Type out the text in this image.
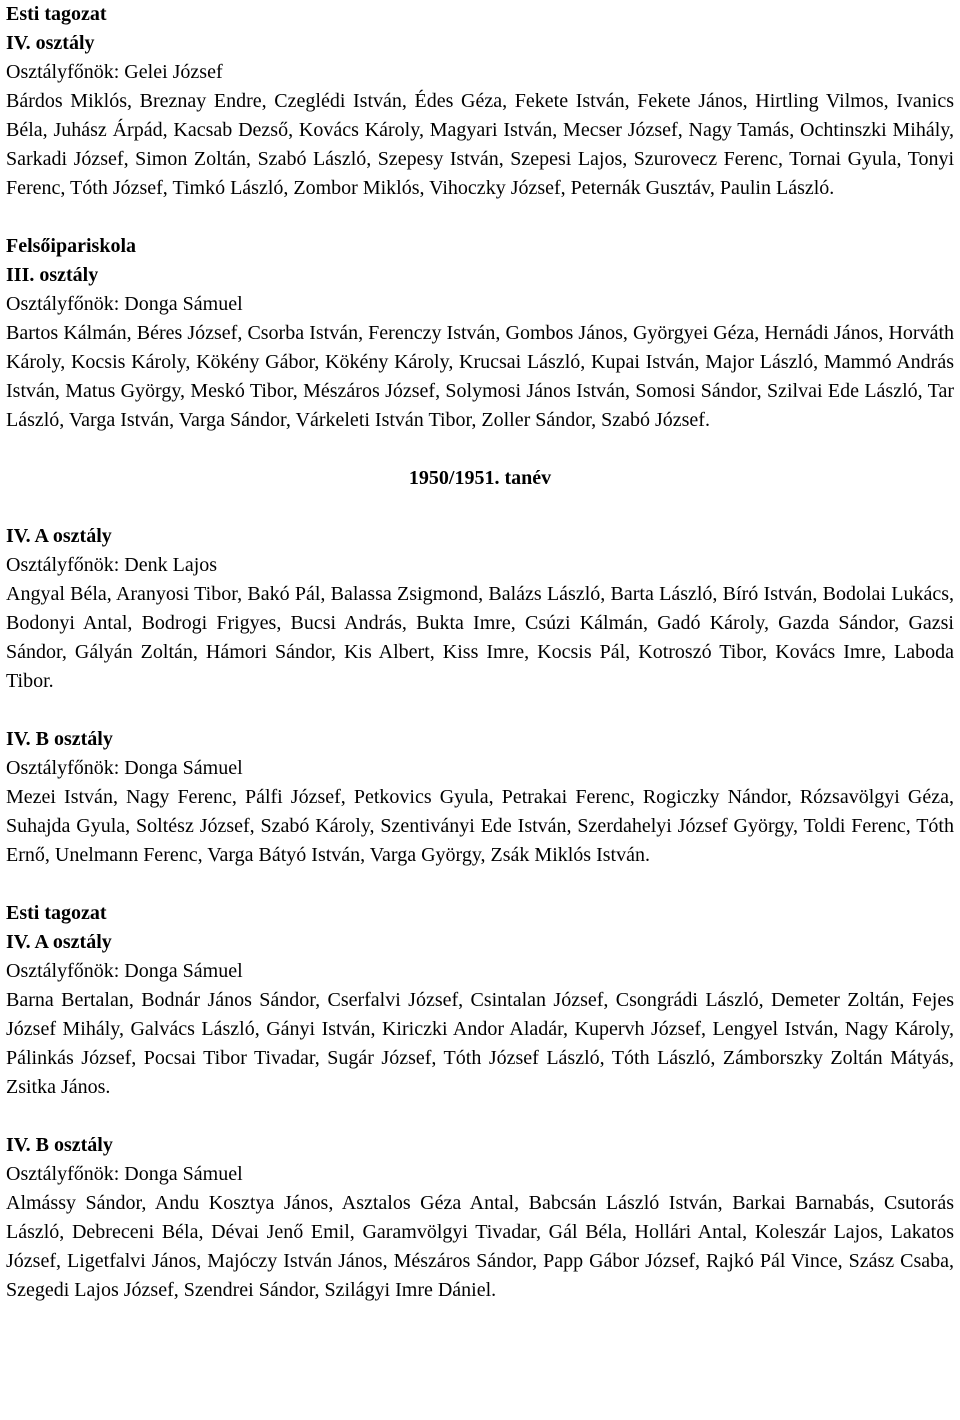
Esti tagozat

IV. osztály

Osztályfőnök: Gelei József

Bárdos Miklós, Breznay Endre, Czeglédi István, Édes Géza, Fekete István, Fekete János, Hirtling Vilmos, Ivanics Béla, Juhász Árpád, Kacsab Dezső, Kovács Károly, Magyari István, Mecser József, Nagy Tamás, Ochtinszki Mihály, Sarkadi József, Simon Zoltán, Szabó László, Szepesy István, Szepesi Lajos, Szurovecz Ferenc, Tornai Gyula, Tonyi Ferenc, Tóth József, Timkó László, Zombor Miklós, Vihoczky József, Peternák Gusztáv, Paulin László.

Felsőipariskola

III. osztály

Osztályfőnök: Donga Sámuel

Bartos Kálmán, Béres József, Csorba István, Ferenczy István, Gombos János, Györgyei Géza, Hernádi János, Horváth Károly, Kocsis Károly, Kökény Gábor, Kökény Károly, Krucsai László, Kupai István, Major László, Mammó András István, Matus György, Meskó Tibor, Mészáros József, Solymosi János István, Somosi Sándor, Szilvai Ede László, Tar László, Varga István, Varga Sándor, Várkeleti István Tibor, Zoller Sándor, Szabó József.

1950/1951. tanév

IV. A osztály

Osztályfőnök: Denk Lajos

Angyal Béla, Aranyosi Tibor, Bakó Pál, Balassa Zsigmond, Balázs László, Barta László, Bíró István, Bodolai Lukács, Bodonyi Antal, Bodrogi Frigyes, Bucsi András, Bukta Imre, Csúzi Kálmán, Gadó Károly, Gazda Sándor, Gazsi Sándor, Gályán Zoltán, Hámori Sándor, Kis Albert, Kiss Imre, Kocsis Pál, Kotroszó Tibor, Kovács Imre, Laboda Tibor.

IV. B osztály

Osztályfőnök: Donga Sámuel

Mezei István, Nagy Ferenc, Pálfi József, Petkovics Gyula, Petrakai Ferenc, Rogiczky Nándor, Rózsavölgyi Géza, Suhajda Gyula, Soltész József, Szabó Károly, Szentiványi Ede István, Szerdahelyi József György, Toldi Ferenc, Tóth Ernő, Unelmann Ferenc, Varga Bátyó István, Varga György, Zsák Miklós István.

Esti tagozat

IV. A osztály

Osztályfőnök: Donga Sámuel

Barna Bertalan, Bodnár János Sándor, Cserfalvi József, Csintalan József, Csongrádi László, Demeter Zoltán, Fejes József Mihály, Galvács László, Gányi István, Kiriczki Andor Aladár, Kupervh József, Lengyel István, Nagy Károly, Pálinkás József, Pocsai Tibor Tivadar, Sugár József, Tóth József László, Tóth László, Zámborszky Zoltán Mátyás, Zsitka János.

IV. B osztály

Osztályfőnök: Donga Sámuel

Almássy Sándor, Andu Kosztya János, Asztalos Géza Antal, Babcsán László István, Barkai Barnabás, Csutorás László, Debreceni Béla, Dévai Jenő Emil, Garamvölgyi Tivadar, Gál Béla, Hollári Antal, Koleszár Lajos, Lakatos József, Ligetfalvi János, Majóczy István János, Mészáros Sándor, Papp Gábor József, Rajkó Pál Vince, Szász Csaba, Szegedi Lajos József, Szendrei Sándor, Szilágyi Imre Dániel.
